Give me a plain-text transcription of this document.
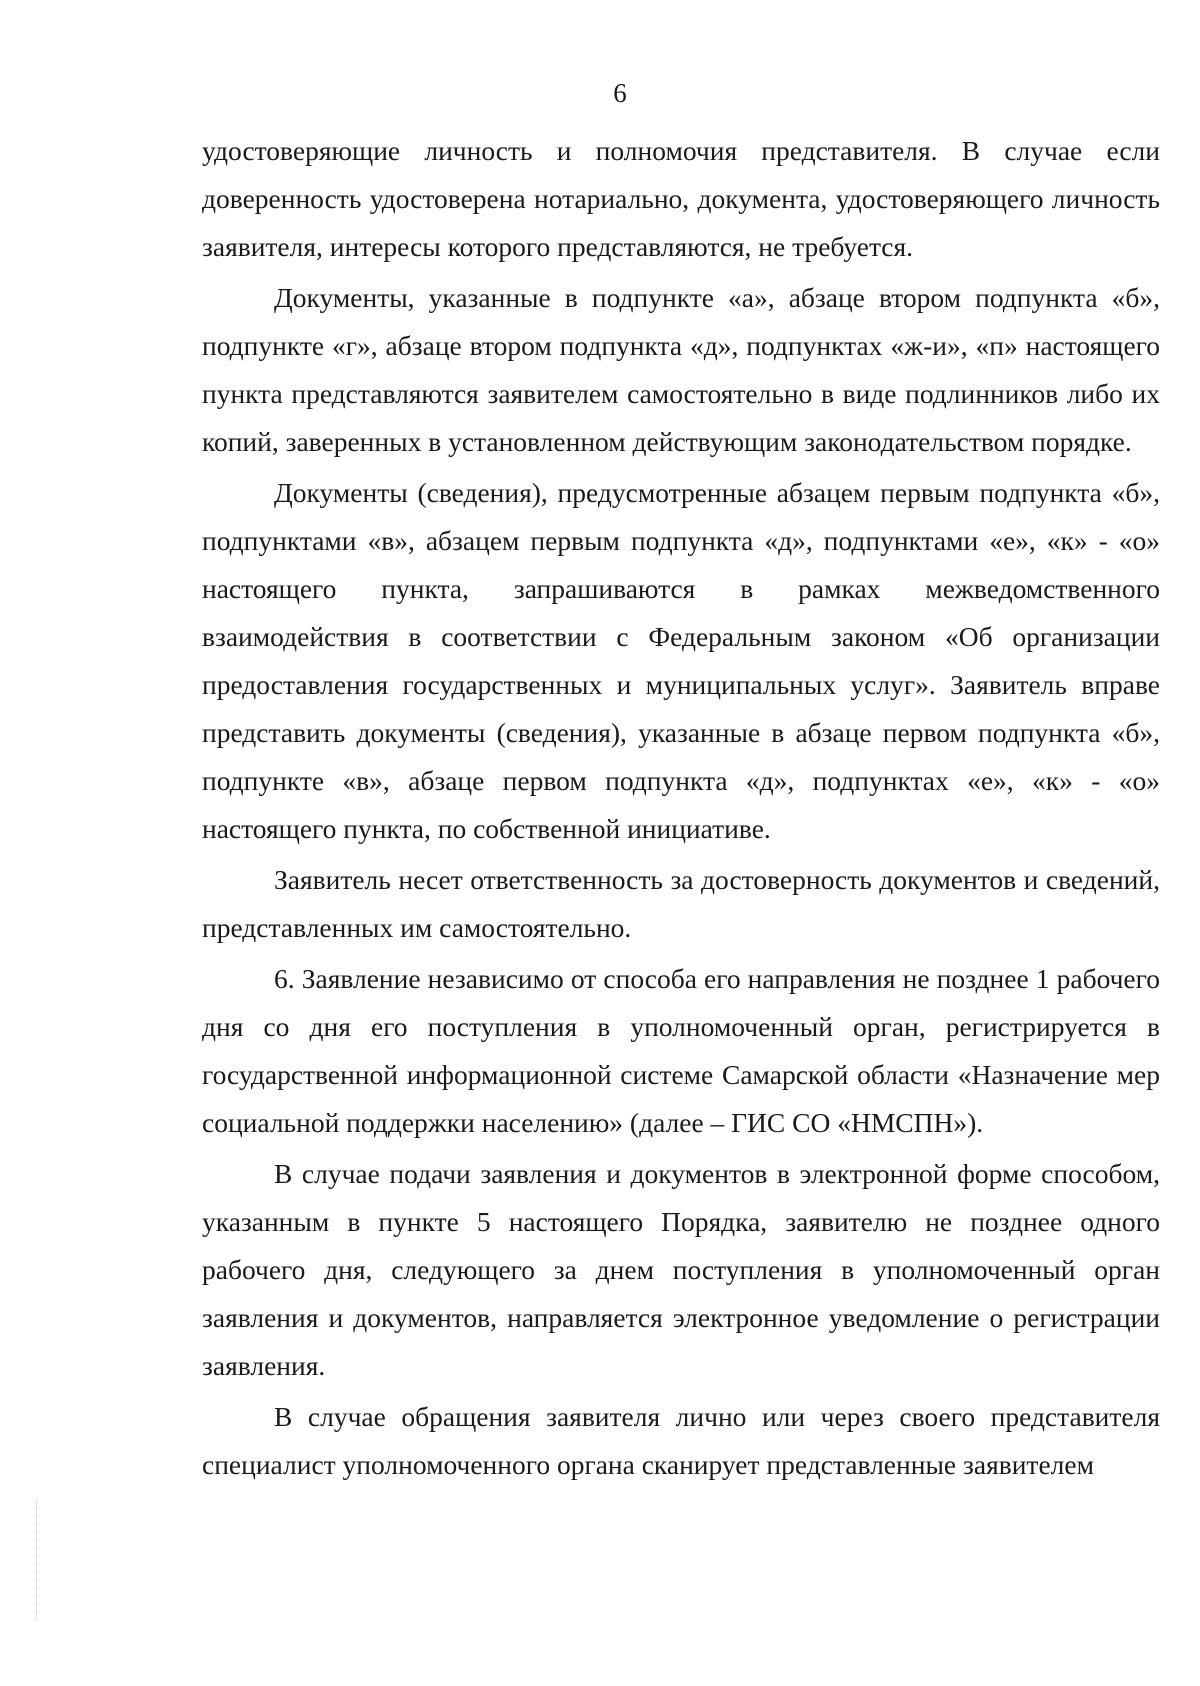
6

удостоверяющие личность и полномочия представителя. В случае если доверенность удостоверена нотариально, документа, удостоверяющего личность заявителя, интересы которого представляются, не требуется.

Документы, указанные в подпункте «а», абзаце втором подпункта «б», подпункте «г», абзаце втором подпункта «д», подпунктах «ж-и», «п» настоящего пункта представляются заявителем самостоятельно в виде подлинников либо их копий, заверенных в установленном действующим законодательством порядке.

Документы (сведения), предусмотренные абзацем первым подпункта «б», подпунктами «в», абзацем первым подпункта «д», подпунктами «е», «к» - «о» настоящего пункта, запрашиваются в рамках межведомственного взаимодействия в соответствии с Федеральным законом «Об организации предоставления государственных и муниципальных услуг». Заявитель вправе представить документы (сведения), указанные в абзаце первом подпункта «б», подпункте «в», абзаце первом подпункта «д», подпунктах «е», «к» - «о» настоящего пункта, по собственной инициативе.

Заявитель несет ответственность за достоверность документов и сведений, представленных им самостоятельно.

6. Заявление независимо от способа его направления не позднее 1 рабочего дня со дня его поступления в уполномоченный орган, регистрируется в государственной информационной системе Самарской области «Назначение мер социальной поддержки населению» (далее – ГИС СО «НМСПН»).

В случае подачи заявления и документов в электронной форме способом, указанным в пункте 5 настоящего Порядка, заявителю не позднее одного рабочего дня, следующего за днем поступления в уполномоченный орган заявления и документов, направляется электронное уведомление о регистрации заявления.

В случае обращения заявителя лично или через своего представителя специалист уполномоченного органа сканирует представленные заявителем
